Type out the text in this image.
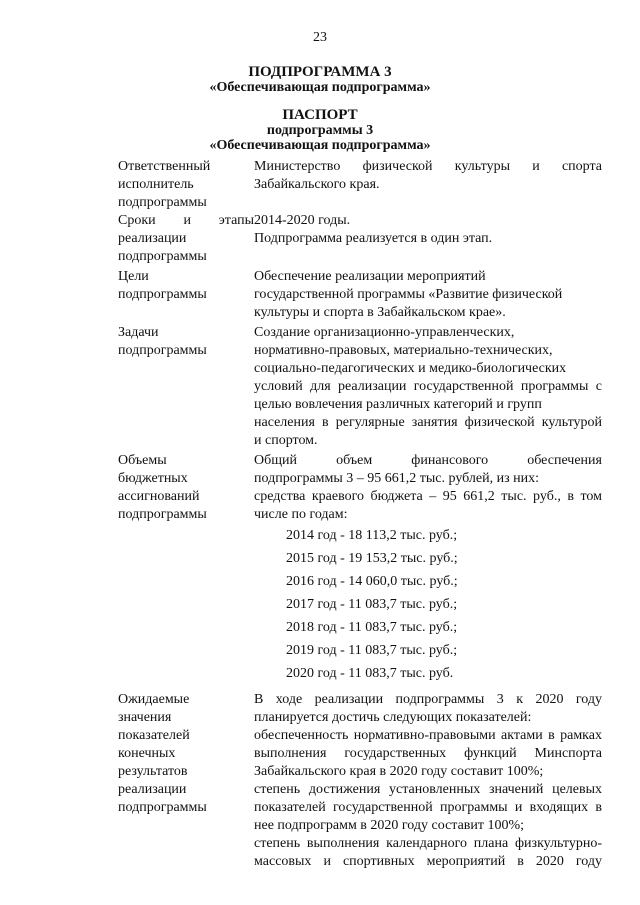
23
ПОДПРОГРАММА 3
«Обеспечивающая подпрограмма»
ПАСПОРТ
подпрограммы 3
«Обеспечивающая подпрограмма»
Ответственный
исполнитель
подпрограммы
Министерство физической культуры и спорта
Забайкальского края.
Сроки и этапы
реализации
подпрограммы
2014-2020 годы.
Подпрограмма реализуется в один этап.
Цели
подпрограммы
Обеспечение реализации мероприятий
государственной программы «Развитие физической
культуры и спорта в Забайкальском крае».
Задачи
подпрограммы
Создание организационно-управленческих,
нормативно-правовых, материально-технических,
социально-педагогических и медико-биологических
условий для реализации государственной программы с
целью вовлечения различных категорий и групп
населения в регулярные занятия физической культурой
и спортом.
Объемы
бюджетных
ассигнований
подпрограммы
Общий объем финансового обеспечения
подпрограммы 3 – 95 661,2 тыс. рублей, из них:
средства краевого бюджета – 95 661,2 тыс. руб., в том
числе по годам:
2014 год - 18 113,2 тыс. руб.;
2015 год - 19 153,2 тыс. руб.;
2016 год - 14 060,0 тыс. руб.;
2017 год - 11 083,7 тыс. руб.;
2018 год - 11 083,7 тыс. руб.;
2019 год - 11 083,7 тыс. руб.;
2020 год - 11 083,7 тыс. руб.
Ожидаемые
значения
показателей
конечных
результатов
реализации
подпрограммы
В ходе реализации подпрограммы 3 к 2020 году
планируется достичь следующих показателей:
обеспеченность нормативно-правовыми актами в рамках
выполнения государственных функций Минспорта
Забайкальского края в 2020 году составит 100%;
степень достижения установленных значений целевых
показателей государственной программы и входящих в
нее подпрограмм в 2020 году составит 100%;
степень выполнения календарного плана физкультурно-
массовых и спортивных мероприятий в 2020 году
